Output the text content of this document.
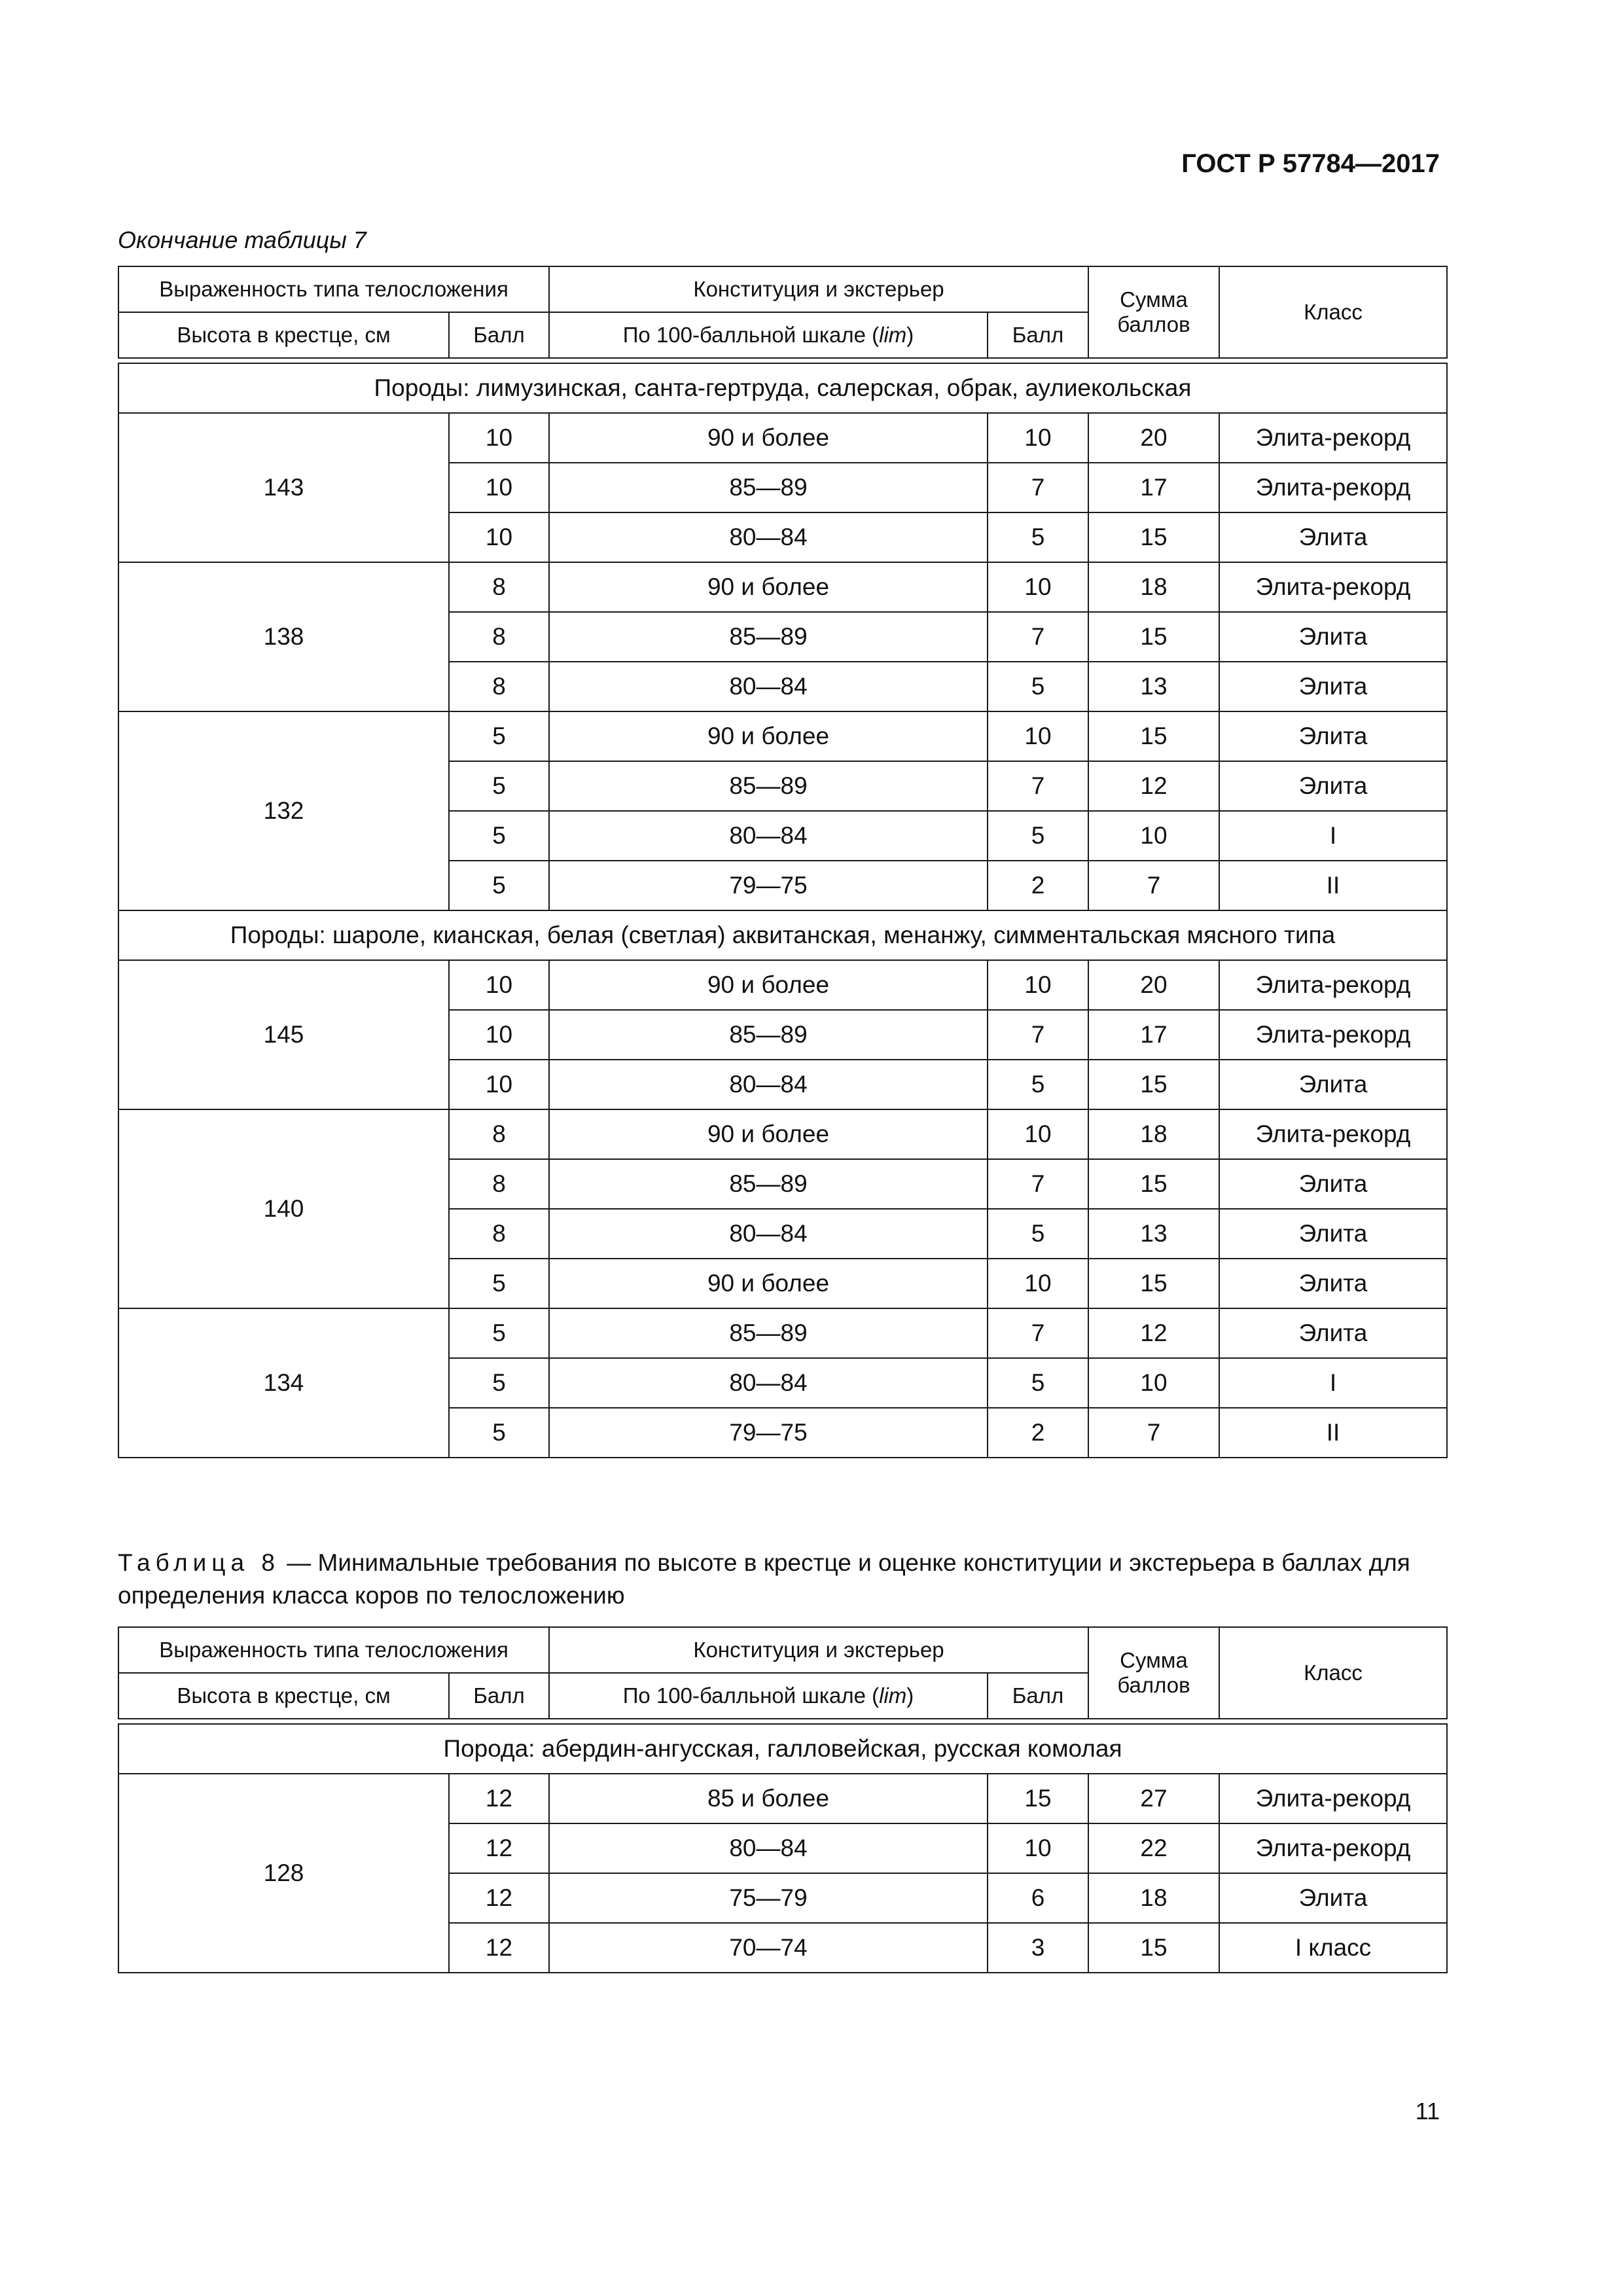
ГОСТ Р 57784—2017
Окончание таблицы 7
Выраженность типа телосложения		Конституция и экстерьер		Сумма баллов	Класс
Высота в крестце, см	Балл	По 100-балльной шкале (lim)	Балл		

Породы: лимузинская, санта-гертруда, салерская, обрак, аулиекольская					
143	10	90 и более	10	20	Элита-рекорд
	10	85—89	7	17	Элита-рекорд
	10	80—84	5	15	Элита
138	8	90 и более	10	18	Элита-рекорд
	8	85—89	7	15	Элита
	8	80—84	5	13	Элита
132	5	90 и более	10	15	Элита
	5	85—89	7	12	Элита
	5	80—84	5	10	I
	5	79—75	2	7	II
Породы: шароле, кианская, белая (светлая) аквитанская, менанжу, симментальская мясного типа					
145	10	90 и более	10	20	Элита-рекорд
	10	85—89	7	17	Элита-рекорд
	10	80—84	5	15	Элита
140	8	90 и более	10	18	Элита-рекорд
	8	85—89	7	15	Элита
	8	80—84	5	13	Элита
	5	90 и более	10	15	Элита
134	5	85—89	7	12	Элита
	5	80—84	5	10	I
	5	79—75	2	7	II
Таблица 8 — Минимальные требования по высоте в крестце и оценке конституции и экстерьера в баллах для определения класса коров по телосложению
Выраженность типа телосложения		Конституция и экстерьер		Сумма баллов	Класс
Высота в крестце, см	Балл	По 100-балльной шкале (lim)	Балл		

Порода: абердин-ангусская, галловейская, русская комолая					
128	12	85 и более	15	27	Элита-рекорд
	12	80—84	10	22	Элита-рекорд
	12	75—79	6	18	Элита
	12	70—74	3	15	I класс
11
